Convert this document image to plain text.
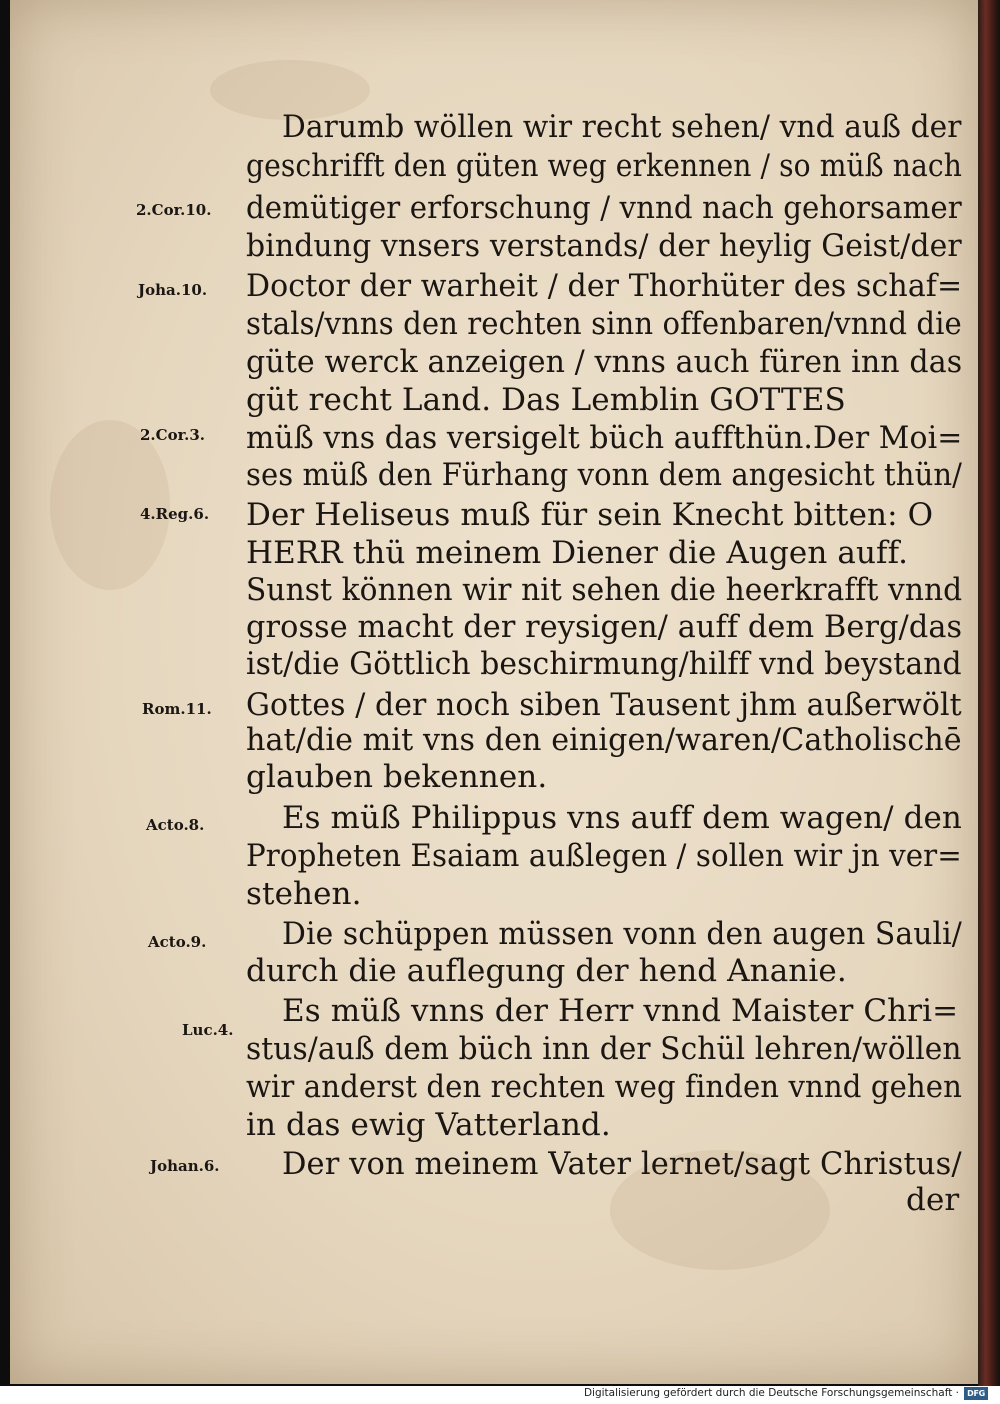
Darumb wöllen wir recht sehen/ vnd auß der
geschrifft den güten weg erkennen / so müß nach
demütiger erforschung / vnnd nach gehorsamer
bindung vnsers verstands/ der heylig Geist/der
Doctor der warheit / der Thorhüter des schaf=
stals/vnns den rechten sinn offenbaren/vnnd die
güte werck anzeigen / vnns auch füren inn das
güt recht Land. Das Lemblin GOTTES
müß vns das versigelt büch auffthün.Der Moi=
ses müß den Fürhang vonn dem angesicht thün/
Der Heliseus muß für sein Knecht bitten: O
HERR thü meinem Diener die Augen auff.
Sunst können wir nit sehen die heerkrafft vnnd
grosse macht der reysigen/ auff dem Berg/das
ist/die Göttlich beschirmung/hilff vnd beystand
Gottes / der noch siben Tausent jhm außerwölt
hat/die mit vns den einigen/waren/Catholischē
glauben bekennen.
Es müß Philippus vns auff dem wagen/ den
Propheten Esaiam außlegen / sollen wir jn ver=
stehen.
Die schüppen müssen vonn den augen Sauli/
durch die auflegung der hend Ananie.
Es müß vnns der Herr vnnd Maister Chri=
stus/auß dem büch inn der Schül lehren/wöllen
wir anderst den rechten weg finden vnnd gehen
in das ewig Vatterland.
Der von meinem Vater lernet/sagt Christus/
der
2.Cor.10.
Joha.10.
2.Cor.3.
4.Reg.6.
Rom.11.
Acto.8.
Acto.9.
Luc.4.
Johan.6.
Digitalisierung gefördert durch die Deutsche Forschungsgemeinschaft ·	DFG
